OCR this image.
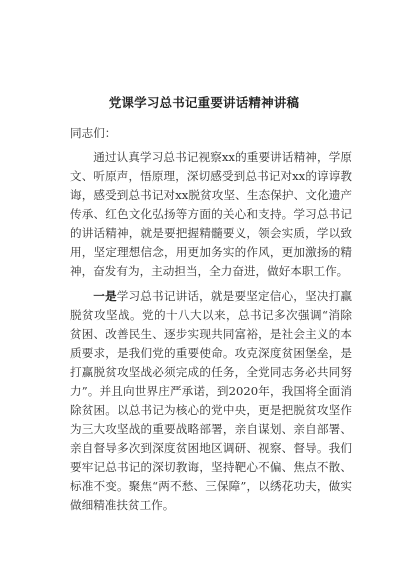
党课学习总书记重要讲话精神讲稿

同志们：

通过认真学习总书记视察xx的重要讲话精神，学原文、听原声，悟原理，深切感受到总书记对xx的谆谆教诲，感受到总书记对xx脱贫攻坚、生态保护、文化遗产传承、红色文化弘扬等方面的关心和支持。学习总书记的讲话精神，就是要把握精髓要义，领会实质，学以致用，坚定理想信念，用更加务实的作风，更加激扬的精神，奋发有为，主动担当，全力奋进，做好本职工作。

一是学习总书记讲话，就是要坚定信心，坚决打赢脱贫攻坚战。党的十八大以来，总书记多次强调“消除贫困、改善民生、逐步实现共同富裕，是社会主义的本质要求，是我们党的重要使命。攻克深度贫困堡垒，是打赢脱贫攻坚战必须完成的任务，全党同志务必共同努力”。并且向世界庄严承诺，到2020年，我国将全面消除贫困。以总书记为核心的党中央，更是把脱贫攻坚作为三大攻坚战的重要战略部署，亲自谋划、亲自部署、亲自督导多次到深度贫困地区调研、视察、督导。我们要牢记总书记的深切教诲，坚持靶心不偏、焦点不散、标准不变。聚焦“两不愁、三保障”，以绣花功夫，做实做细精准扶贫工作。
